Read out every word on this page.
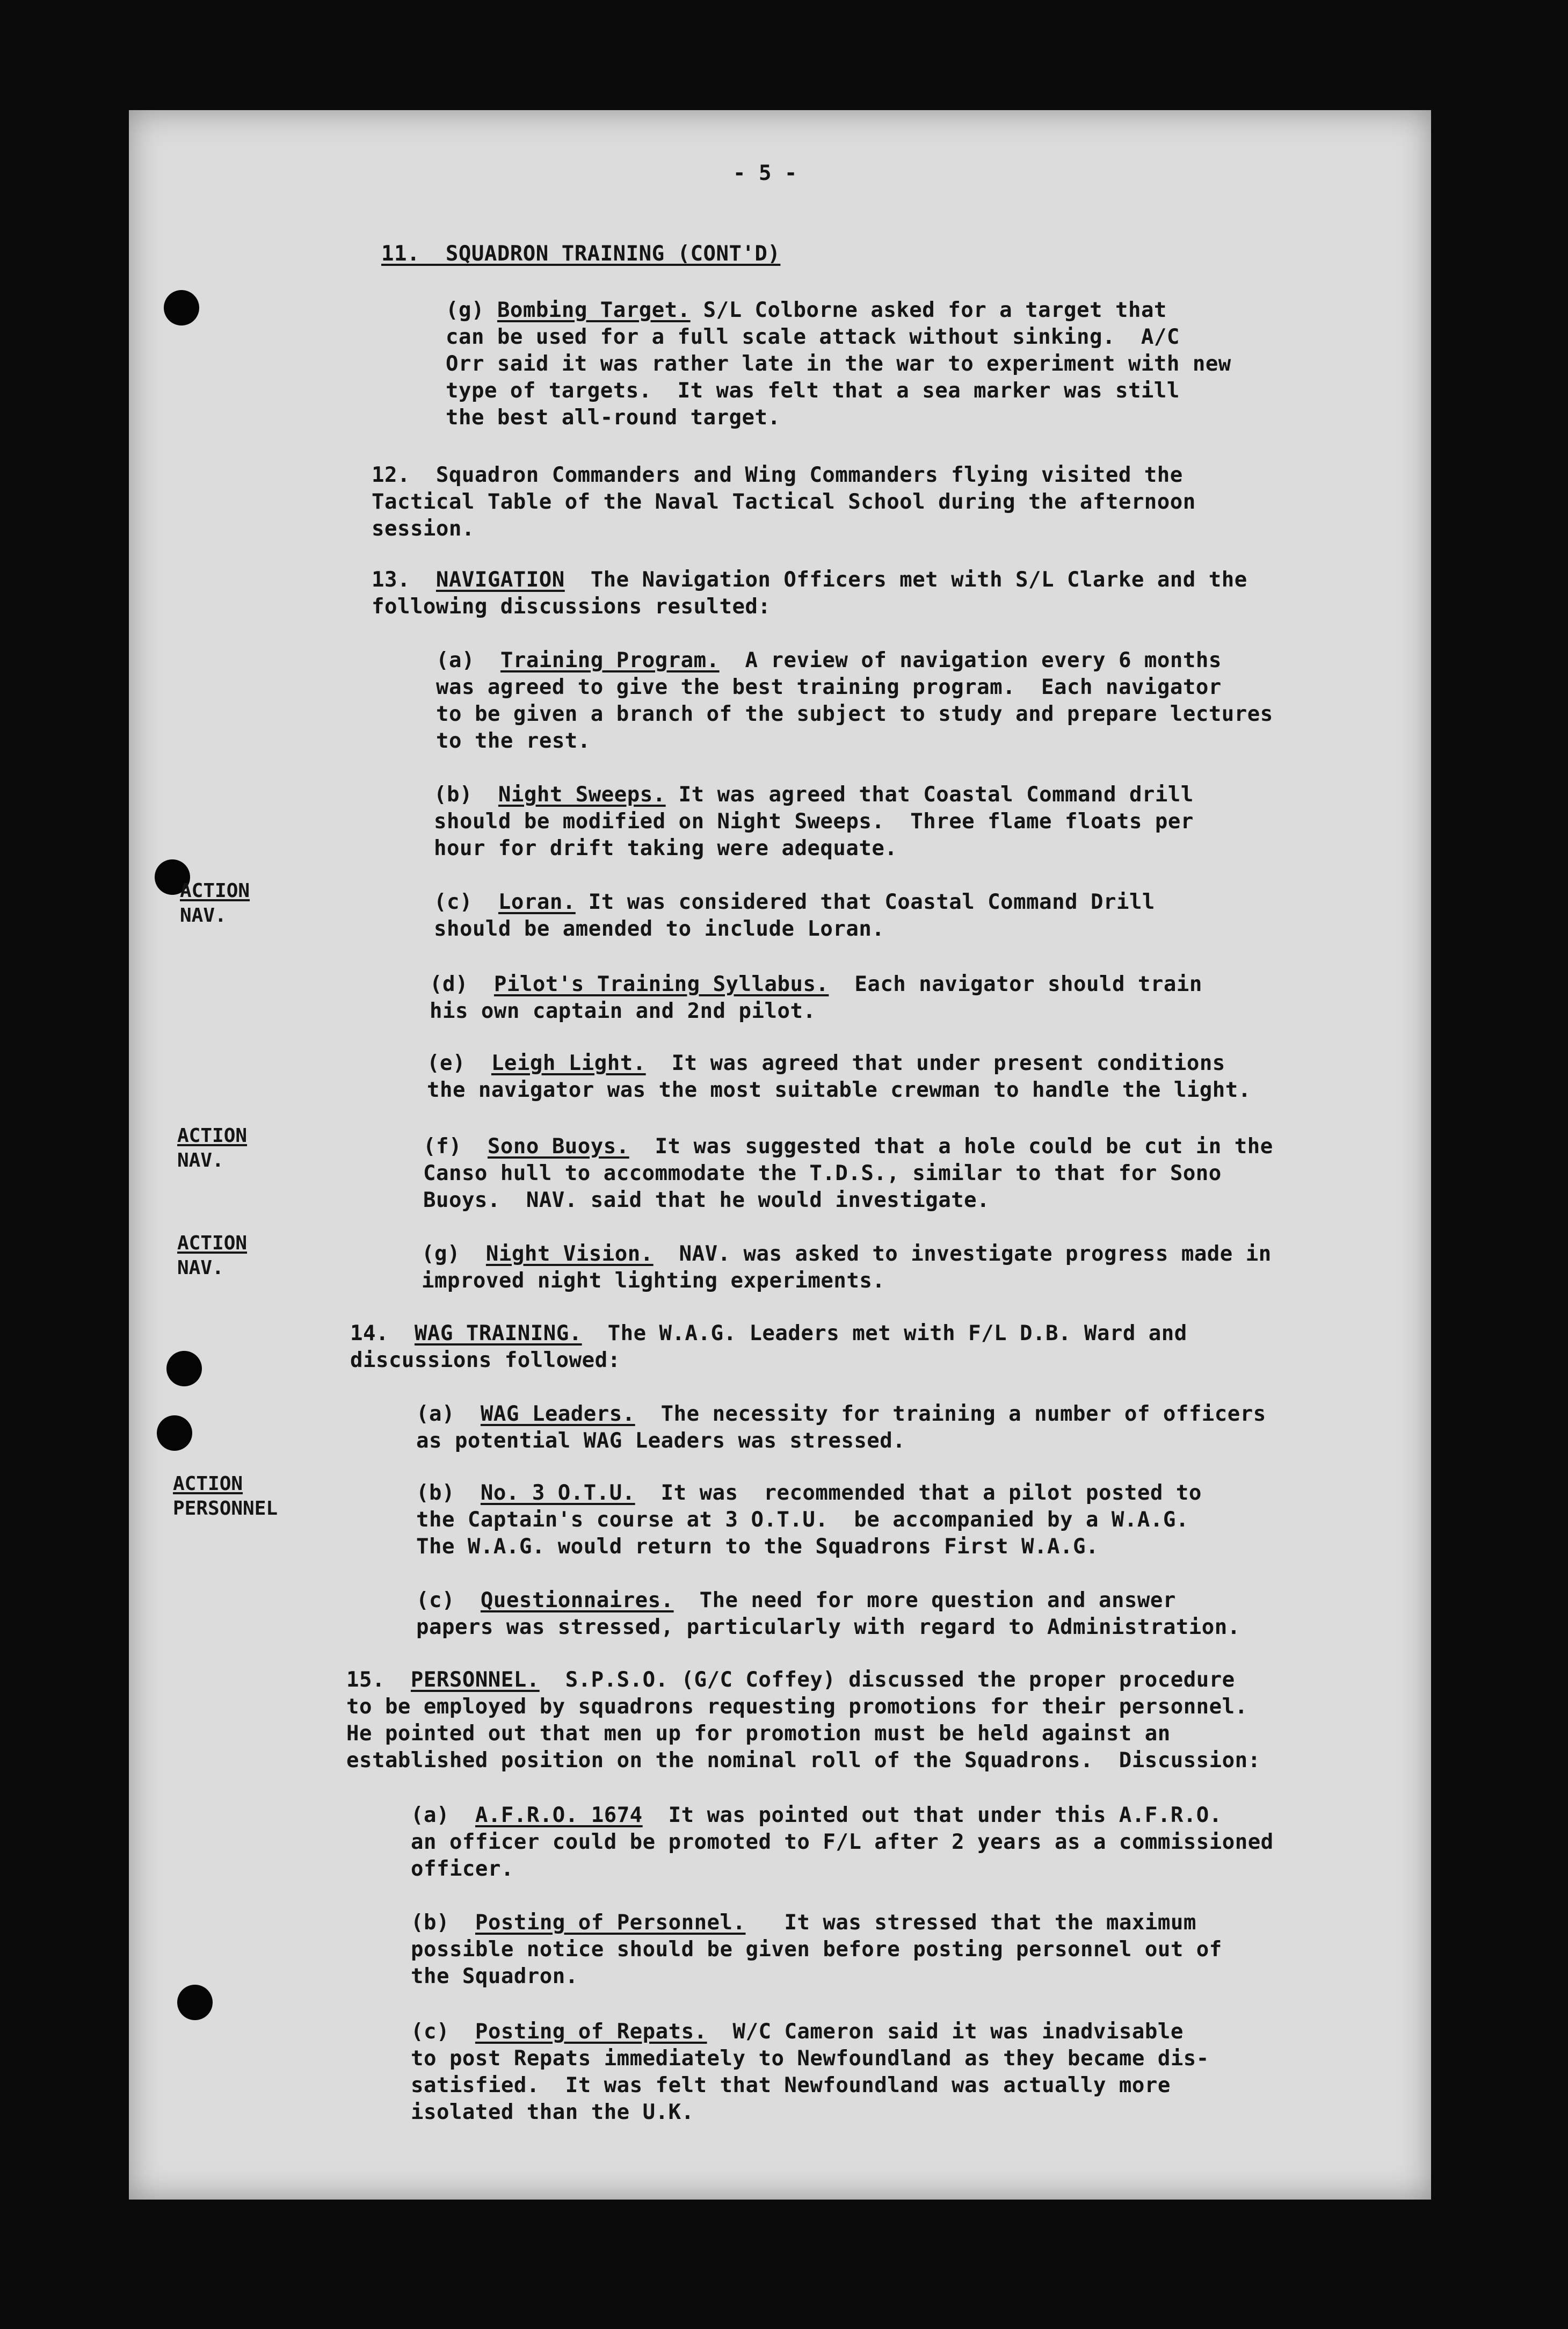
- 5 -

11.  SQUADRON TRAINING (CONT'D)

(g) Bombing Target. S/L Colborne asked for a target that

can be used for a full scale attack without sinking.  A/C

Orr said it was rather late in the war to experiment with new

type of targets.  It was felt that a sea marker was still

the best all-round target.

12.  Squadron Commanders and Wing Commanders flying visited the

Tactical Table of the Naval Tactical School during the afternoon

session.

13. NAVIGATION  The Navigation Officers met with S/L Clarke and the

following discussions resulted:

(a) Training Program.  A review of navigation every 6 months

was agreed to give the best training program.  Each navigator

to be given a branch of the subject to study and prepare lectures

to the rest.

(b) Night Sweeps. It was agreed that Coastal Command drill

should be modified on Night Sweeps.  Three flame floats per

hour for drift taking were adequate.

ACTION
NAV.

(c) Loran. It was considered that Coastal Command Drill

should be amended to include Loran.

(d) Pilot's Training Syllabus.  Each navigator should train

his own captain and 2nd pilot.

(e) Leigh Light.  It was agreed that under present conditions

the navigator was the most suitable crewman to handle the light.

ACTION
NAV.

(f) Sono Buoys.  It was suggested that a hole could be cut in the

Canso hull to accommodate the T.D.S., similar to that for Sono

Buoys.  NAV. said that he would investigate.

ACTION
NAV.

(g) Night Vision.  NAV. was asked to investigate progress made in

improved night lighting experiments.

14. WAG TRAINING.  The W.A.G. Leaders met with F/L D.B. Ward and

discussions followed:

(a) WAG Leaders.  The necessity for training a number of officers

as potential WAG Leaders was stressed.

ACTION
PERSONNEL

(b) No. 3 O.T.U.  It was  recommended that a pilot posted to

the Captain's course at 3 O.T.U.  be accompanied by a W.A.G.

The W.A.G. would return to the Squadrons First W.A.G.

(c) Questionnaires.  The need for more question and answer

papers was stressed, particularly with regard to Administration.

15. PERSONNEL.  S.P.S.O. (G/C Coffey) discussed the proper procedure

to be employed by squadrons requesting promotions for their personnel.

He pointed out that men up for promotion must be held against an

established position on the nominal roll of the Squadrons.  Discussion:

(a) A.F.R.O. 1674  It was pointed out that under this A.F.R.O.

an officer could be promoted to F/L after 2 years as a commissioned

officer.

(b) Posting of Personnel.   It was stressed that the maximum

possible notice should be given before posting personnel out of

the Squadron.

(c) Posting of Repats.  W/C Cameron said it was inadvisable

to post Repats immediately to Newfoundland as they became dis-

satisfied.  It was felt that Newfoundland was actually more

isolated than the U.K.
